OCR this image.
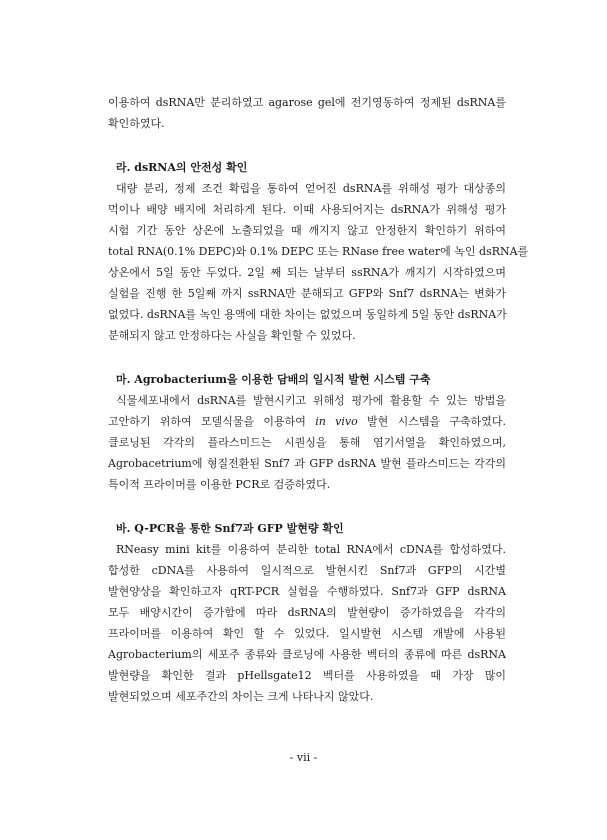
이용하여 dsRNA만 분리하였고 agarose gel에 전기영동하여 정제된 dsRNA를
확인하였다.
라. dsRNA의 안전성 확인
대량 분리, 정제 조건 확립을 통하여 얻어진 dsRNA를 위해성 평가 대상종의
먹이나 배양 배지에 처리하게 된다. 이때 사용되어지는 dsRNA가 위해성 평가
시험 기간 동안 상온에 노출되었을 때 깨지지 않고 안정한지 확인하기 위하여
total RNA(0.1% DEPC)와 0.1% DEPC 또는 RNase free water에 녹인 dsRNA를
상온에서 5일 동안 두었다. 2일 째 되는 날부터 ssRNA가 깨지기 시작하였으며
실험을 진행 한 5일째 까지 ssRNA만 분해되고 GFP와 Snf7 dsRNA는 변화가
없었다. dsRNA를 녹인 용액에 대한 차이는 없었으며 동일하게 5일 동안 dsRNA가
분해되지 않고 안정하다는 사실을 확인할 수 있었다.
마. Agrobacterium을 이용한 담배의 일시적 발현 시스템 구축
식물세포내에서 dsRNA를 발현시키고 위해성 평가에 활용할 수 있는 방법을
고안하기 위하여 모델식물을 이용하여 in vivo 발현 시스템을 구축하였다.
클로닝된 각각의 플라스미드는 시퀀싱을 통해 염기서열을 확인하였으며,
Agrobacetrium에 형질전환된 Snf7 과 GFP dsRNA 발현 플라스미드는 각각의
특이적 프라이머를 이용한 PCR로 검증하였다.
바. Q-PCR을 통한 Snf7과 GFP 발현량 확인
RNeasy mini kit를 이용하여 분리한 total RNA에서 cDNA를 합성하였다.
합성한 cDNA를 사용하여 일시적으로 발현시킨 Snf7과 GFP의 시간별
발현양상을 확인하고자 qRT-PCR 실험을 수행하였다. Snf7과 GFP dsRNA
모두 배양시간이 증가함에 따라 dsRNA의 발현량이 증가하였음을 각각의
프라이머를 이용하여 확인 할 수 있었다. 일시발현 시스템 개발에 사용된
Agrobacterium의 세포주 종류와 클로닝에 사용한 벡터의 종류에 따른 dsRNA
발현량을 확인한 결과 pHellsgate12 벡터를 사용하였을 때 가장 많이
발현되었으며 세포주간의 차이는 크게 나타나지 않았다.
- vii -
